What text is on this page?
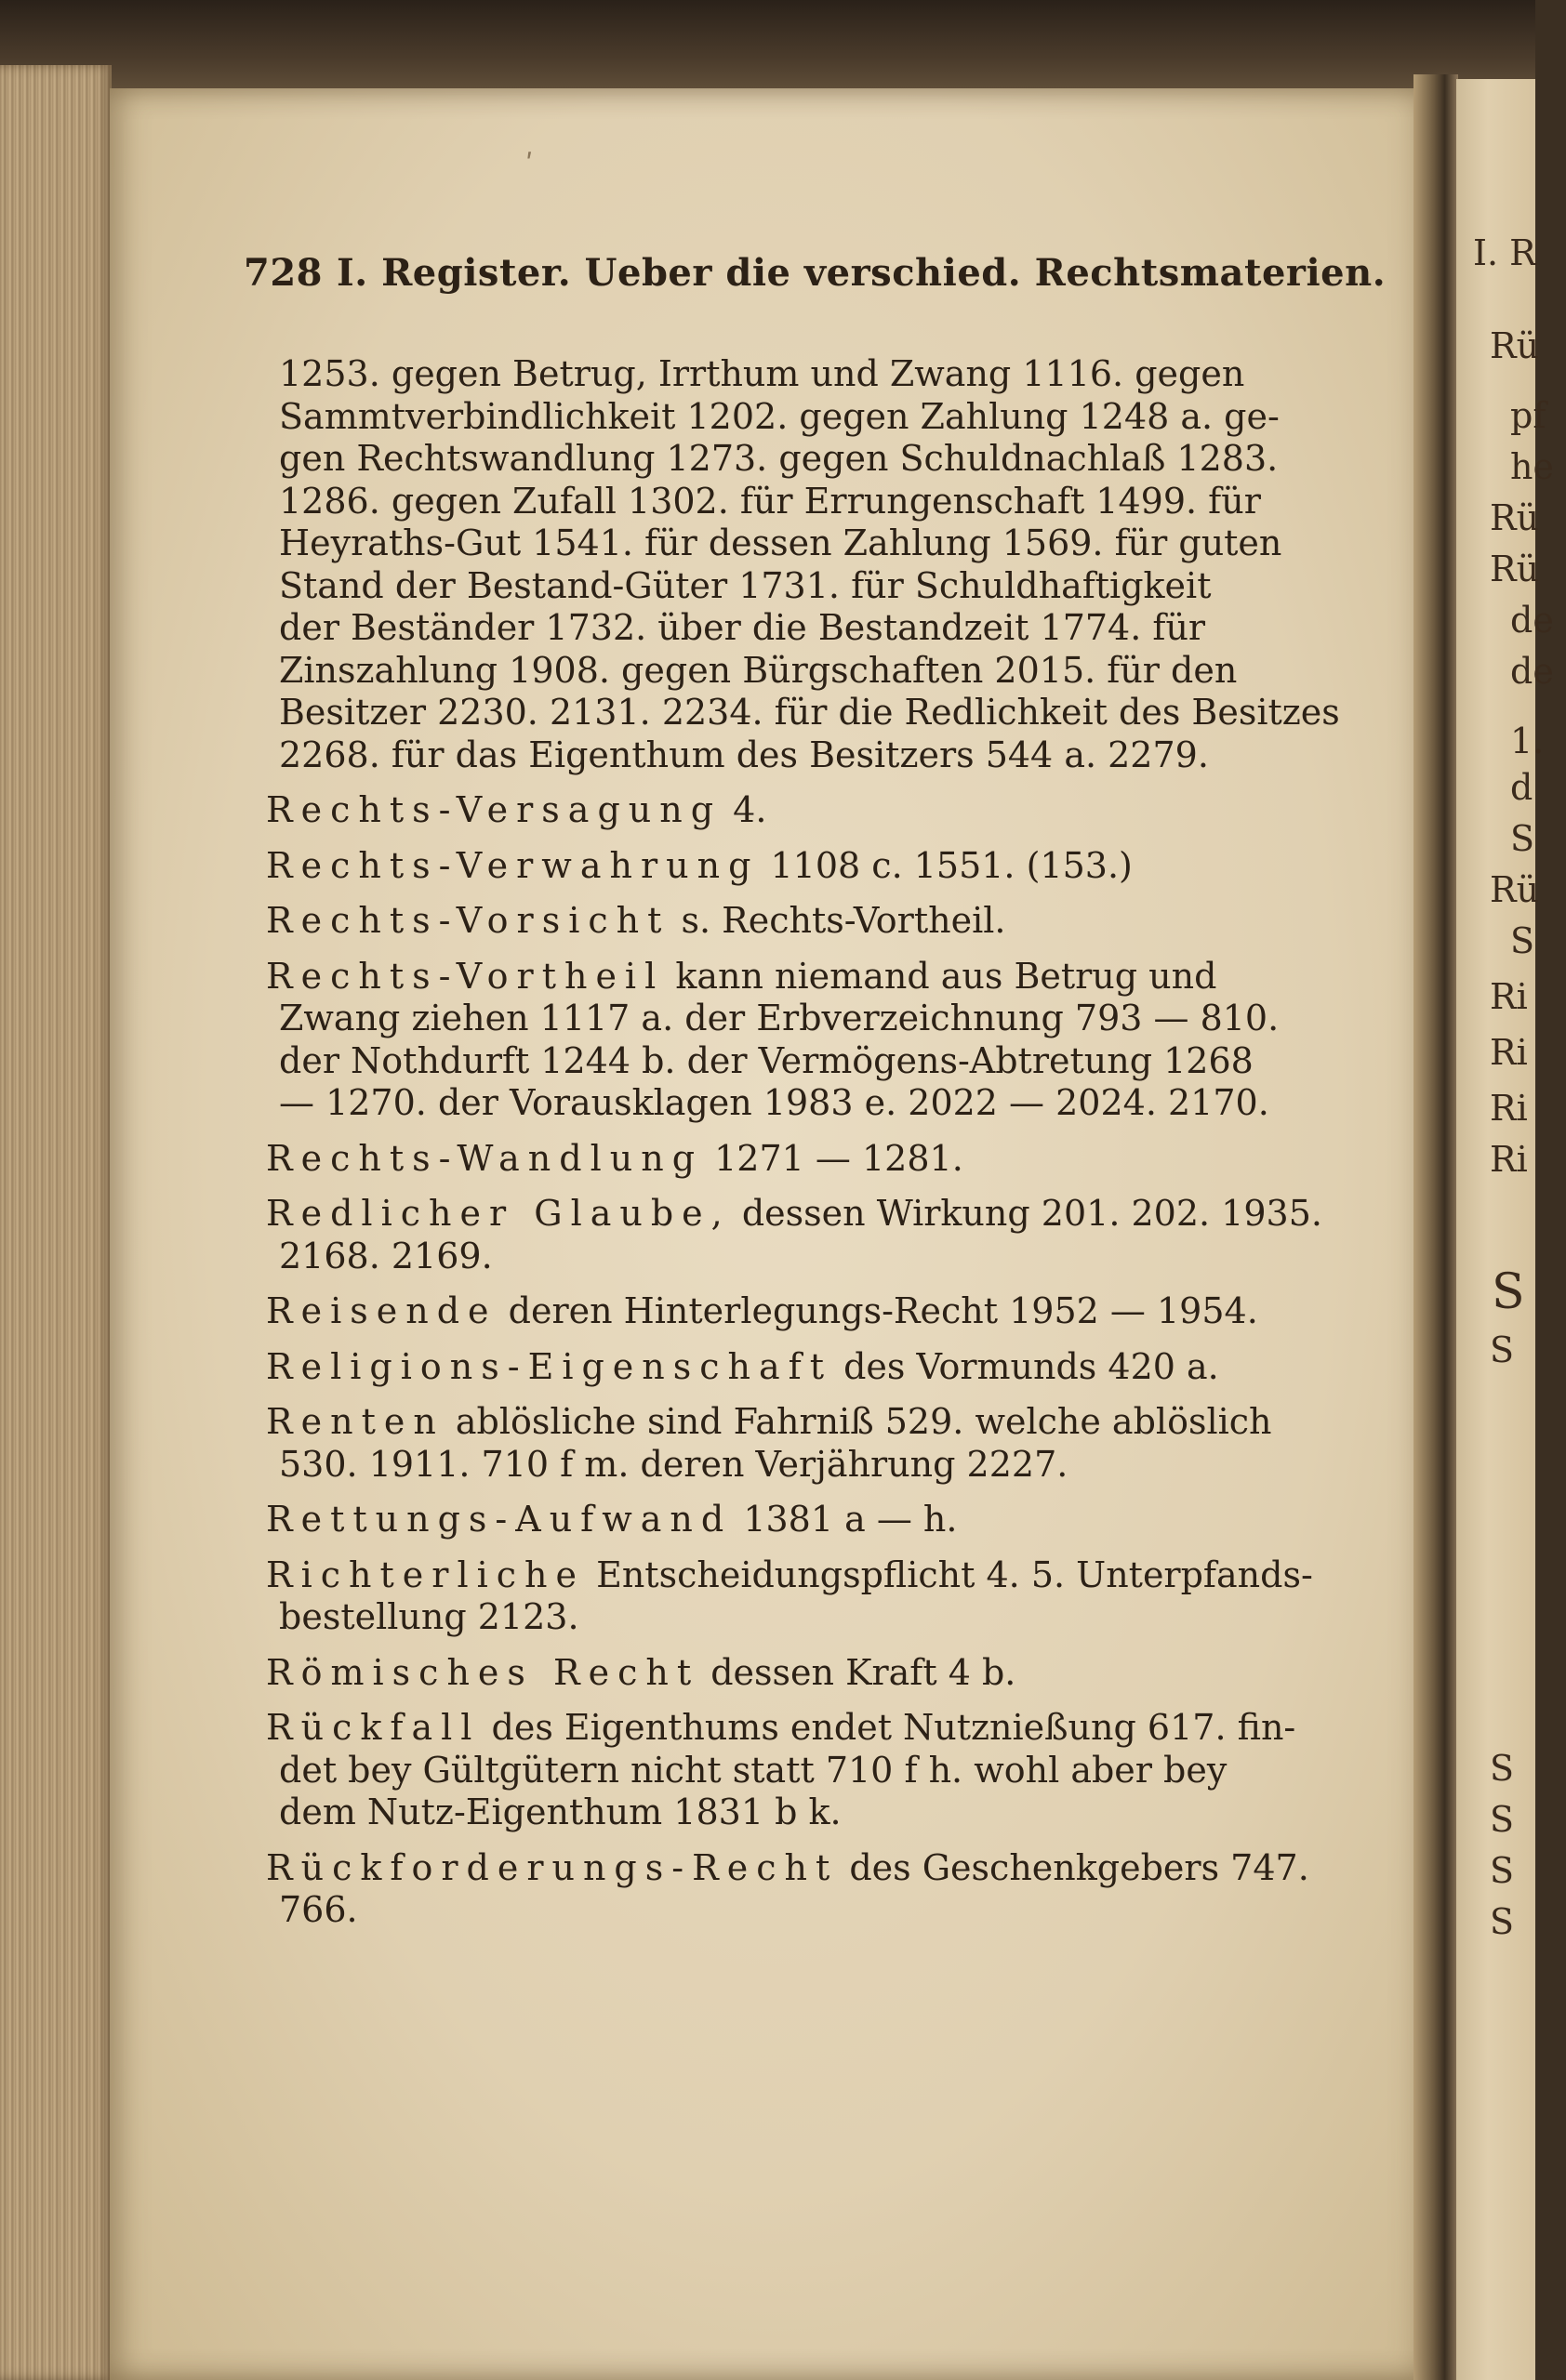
ʹ
728 I. Register. Ueber die verschied. Rechtsmaterien.
1253. gegen Betrug, Irrthum und Zwang 1116. gegen
Sammtverbindlichkeit 1202. gegen Zahlung 1248 a. ge-
gen Rechtswandlung 1273. gegen Schuldnachlaß 1283.
1286. gegen Zufall 1302. für Errungenschaft 1499. für
Heyraths-Gut 1541. für dessen Zahlung 1569. für guten
Stand der Bestand-Güter 1731. für Schuldhaftigkeit
der Beständer 1732. über die Bestandzeit 1774. für
Zinszahlung 1908. gegen Bürgschaften 2015. für den
Besitzer 2230. 2131. 2234. für die Redlichkeit des Besitzes
2268. für das Eigenthum des Besitzers 544 a. 2279.
Rechts-Versagung 4.
Rechts-Verwahrung 1108 c. 1551. (153.)
Rechts-Vorsicht s. Rechts-Vortheil.
Rechts-Vortheil kann niemand aus Betrug und
Zwang ziehen 1117 a. der Erbverzeichnung 793 — 810.
der Nothdurft 1244 b. der Vermögens-Abtretung 1268
— 1270. der Vorausklagen 1983 e. 2022 — 2024. 2170.
Rechts-Wandlung 1271 — 1281.
Redlicher Glaube, dessen Wirkung 201. 202. 1935.
2168. 2169.
Reisende deren Hinterlegungs-Recht 1952 — 1954.
Religions-Eigenschaft des Vormunds 420 a.
Renten ablösliche sind Fahrniß 529. welche ablöslich
530. 1911. 710 f m. deren Verjährung 2227.
Rettungs-Aufwand 1381 a — h.
Richterliche Entscheidungspflicht 4. 5. Unterpfands-
bestellung 2123.
Römisches Recht dessen Kraft 4 b.
Rückfall des Eigenthums endet Nutznießung 617. fin-
det bey Gültgütern nicht statt 710 f h. wohl aber bey
dem Nutz-Eigenthum 1831 b k.
Rückforderungs-Recht des Geschenkgebers 747.
766.
I. R
Rü
pf
he
Rü
Rü
de
de
1.
d
S
Rü
S
Ri
Ri
Ri
Ri
S
S
S
S
S
S
